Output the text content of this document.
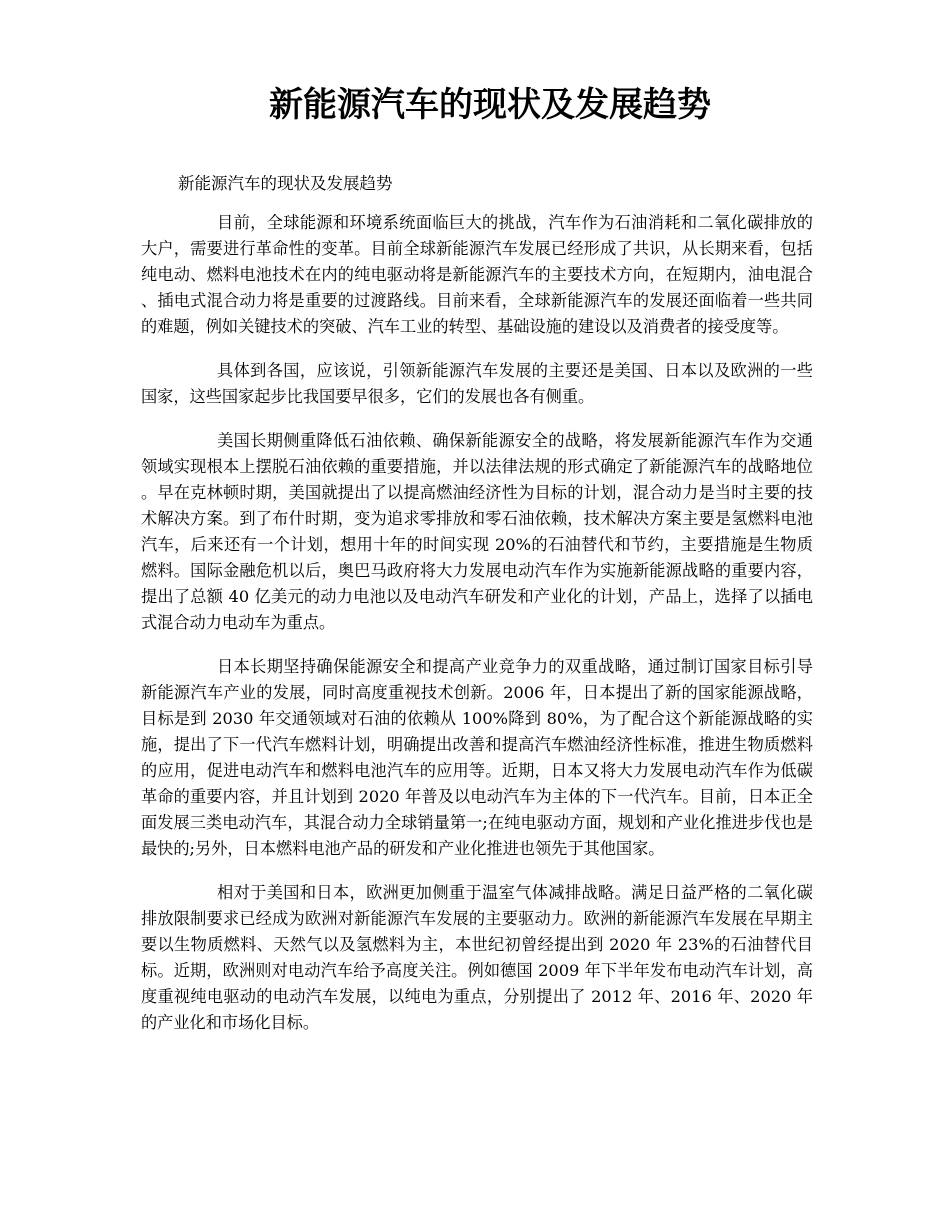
新能源汽车的现状及发展趋势

新能源汽车的现状及发展趋势

目前，全球能源和环境系统面临巨大的挑战，汽车作为石油消耗和二氧化碳排放的大户，需要进行革命性的变革。目前全球新能源汽车发展已经形成了共识，从长期来看，包括纯电动、燃料电池技术在内的纯电驱动将是新能源汽车的主要技术方向，在短期内，油电混合、插电式混合动力将是重要的过渡路线。目前来看，全球新能源汽车的发展还面临着一些共同的难题，例如关键技术的突破、汽车工业的转型、基础设施的建设以及消费者的接受度等。

具体到各国，应该说，引领新能源汽车发展的主要还是美国、日本以及欧洲的一些国家，这些国家起步比我国要早很多，它们的发展也各有侧重。

美国长期侧重降低石油依赖、确保新能源安全的战略，将发展新能源汽车作为交通领域实现根本上摆脱石油依赖的重要措施，并以法律法规的形式确定了新能源汽车的战略地位。早在克林顿时期，美国就提出了以提高燃油经济性为目标的计划，混合动力是当时主要的技术解决方案。到了布什时期，变为追求零排放和零石油依赖，技术解决方案主要是氢燃料电池汽车，后来还有一个计划，想用十年的时间实现 20%的石油替代和节约，主要措施是生物质燃料。国际金融危机以后，奥巴马政府将大力发展电动汽车作为实施新能源战略的重要内容，提出了总额 40 亿美元的动力电池以及电动汽车研发和产业化的计划，产品上，选择了以插电式混合动力电动车为重点。

日本长期坚持确保能源安全和提高产业竞争力的双重战略，通过制订国家目标引导新能源汽车产业的发展，同时高度重视技术创新。2006 年，日本提出了新的国家能源战略，目标是到 2030 年交通领域对石油的依赖从 100%降到 80%，为了配合这个新能源战略的实施，提出了下一代汽车燃料计划，明确提出改善和提高汽车燃油经济性标准，推进生物质燃料的应用，促进电动汽车和燃料电池汽车的应用等。近期，日本又将大力发展电动汽车作为低碳革命的重要内容，并且计划到 2020 年普及以电动汽车为主体的下一代汽车。目前，日本正全面发展三类电动汽车，其混合动力全球销量第一;在纯电驱动方面，规划和产业化推进步伐也是最快的;另外，日本燃料电池产品的研发和产业化推进也领先于其他国家。

相对于美国和日本，欧洲更加侧重于温室气体减排战略。满足日益严格的二氧化碳排放限制要求已经成为欧洲对新能源汽车发展的主要驱动力。欧洲的新能源汽车发展在早期主要以生物质燃料、天然气以及氢燃料为主，本世纪初曾经提出到 2020 年 23%的石油替代目标。近期，欧洲则对电动汽车给予高度关注。例如德国 2009 年下半年发布电动汽车计划，高度重视纯电驱动的电动汽车发展，以纯电为重点，分别提出了 2012 年、2016 年、2020 年的产业化和市场化目标。
